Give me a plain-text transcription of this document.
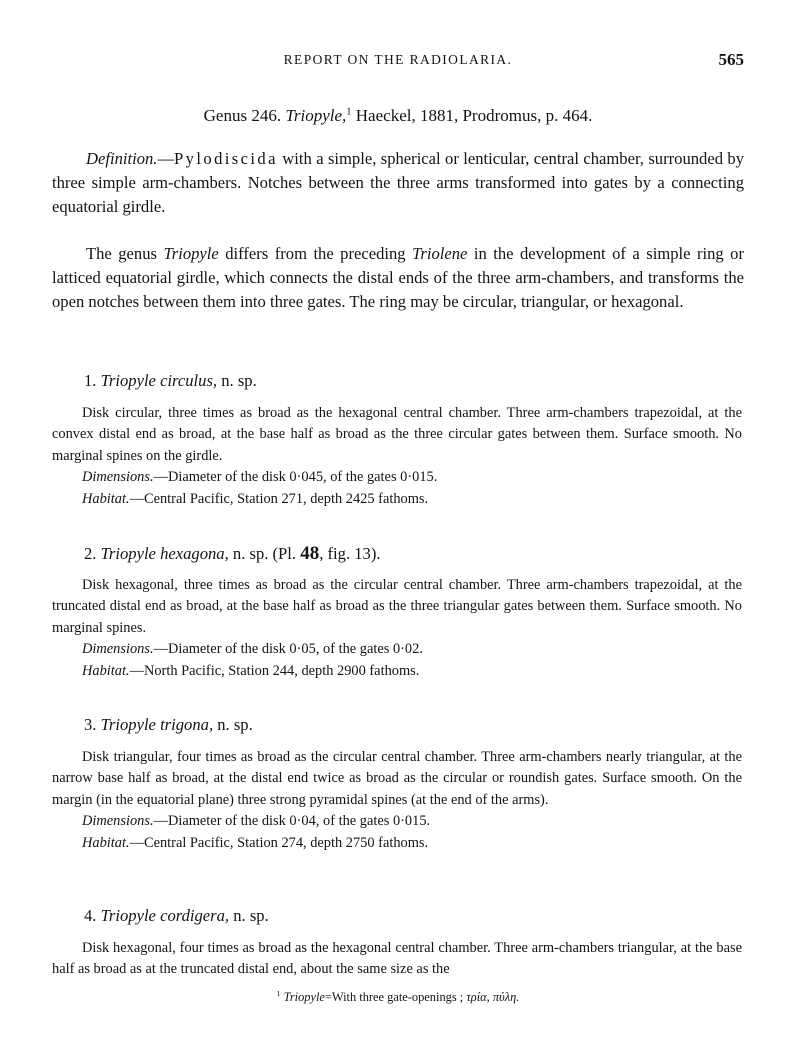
REPORT ON THE RADIOLARIA.	565
Genus 246. Triopyle,$^1$ Haeckel, 1881, Prodromus, p. 464.
Definition.—Pylodiscida with a simple, spherical or lenticular, central chamber, surrounded by three simple arm-chambers. Notches between the three arms transformed into gates by a connecting equatorial girdle.
The genus Triopyle differs from the preceding Triolene in the development of a simple ring or latticed equatorial girdle, which connects the distal ends of the three arm-chambers, and transforms the open notches between them into three gates. The ring may be circular, triangular, or hexagonal.
1. Triopyle circulus, n. sp.
Disk circular, three times as broad as the hexagonal central chamber. Three arm-chambers trapezoidal, at the convex distal end as broad, at the base half as broad as the three circular gates between them. Surface smooth. No marginal spines on the girdle.
Dimensions.—Diameter of the disk 0·045, of the gates 0·015.
Habitat.—Central Pacific, Station 271, depth 2425 fathoms.
2. Triopyle hexagona, n. sp. (Pl. 48, fig. 13).
Disk hexagonal, three times as broad as the circular central chamber. Three arm-chambers trapezoidal, at the truncated distal end as broad, at the base half as broad as the three triangular gates between them. Surface smooth. No marginal spines.
Dimensions.—Diameter of the disk 0·05, of the gates 0·02.
Habitat.—North Pacific, Station 244, depth 2900 fathoms.
3. Triopyle trigona, n. sp.
Disk triangular, four times as broad as the circular central chamber. Three arm-chambers nearly triangular, at the narrow base half as broad, at the distal end twice as broad as the circular or roundish gates. Surface smooth. On the margin (in the equatorial plane) three strong pyramidal spines (at the end of the arms).
Dimensions.—Diameter of the disk 0·04, of the gates 0·015.
Habitat.—Central Pacific, Station 274, depth 2750 fathoms.
4. Triopyle cordigera, n. sp.
Disk hexagonal, four times as broad as the hexagonal central chamber. Three arm-chambers triangular, at the base half as broad as at the truncated distal end, about the same size as the
$^1$ Triopyle=With three gate-openings ; τρία, πύλη.
